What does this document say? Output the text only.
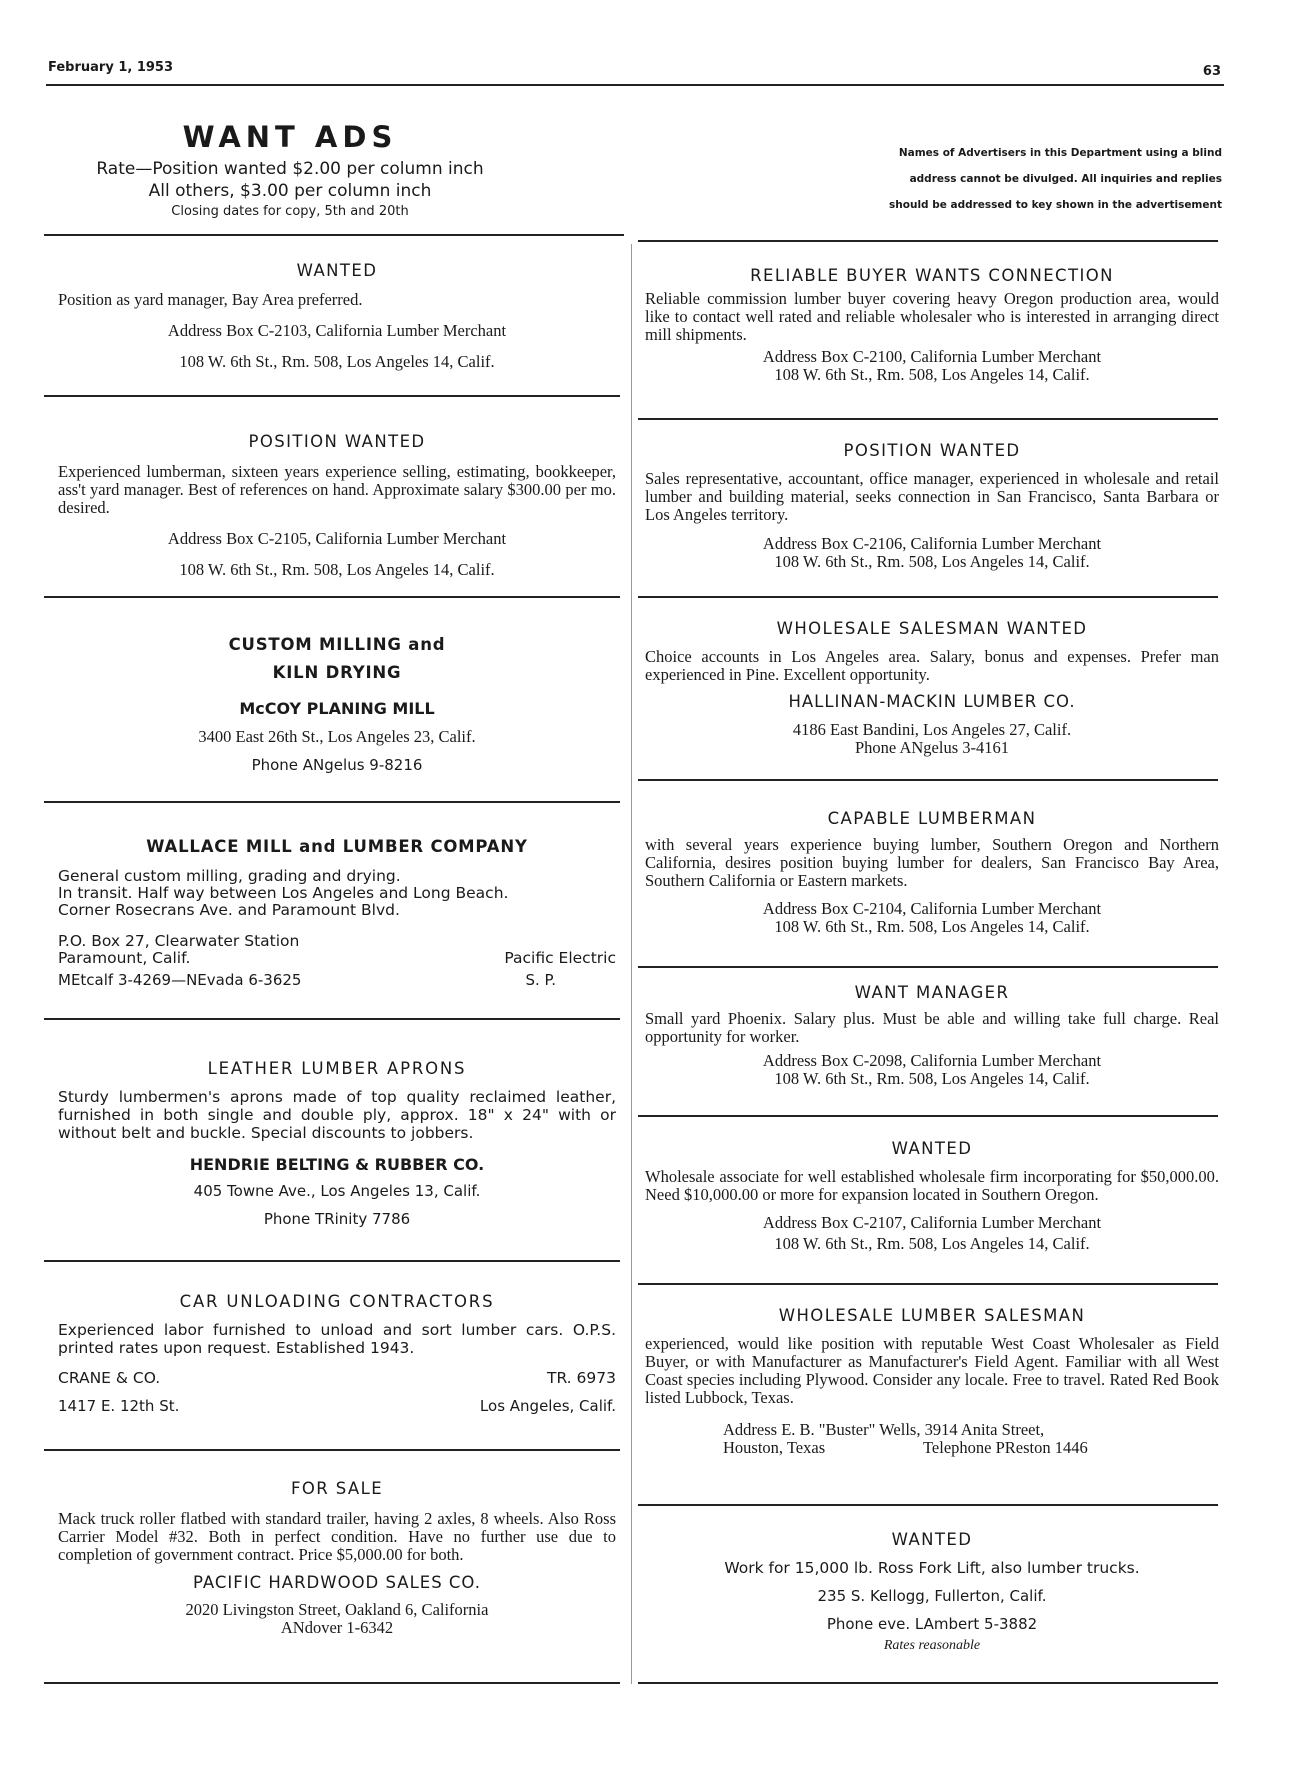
February 1, 1953	63
WANT ADS
Rate—Position wanted $2.00 per column inch
All others, $3.00 per column inch
Closing dates for copy, 5th and 20th
Names of Advertisers in this Department using a blind
address cannot be divulged. All inquiries and replies
should be addressed to key shown in the advertisement
WANTED
Position as yard manager, Bay Area preferred.
Address Box C-2103, California Lumber Merchant
108 W. 6th St., Rm. 508, Los Angeles 14, Calif.
POSITION WANTED
Experienced lumberman, sixteen years experience selling, estimating, bookkeeper, ass't yard manager. Best of references on hand. Approximate salary $300.00 per mo. desired.
Address Box C-2105, California Lumber Merchant
108 W. 6th St., Rm. 508, Los Angeles 14, Calif.
CUSTOM MILLING and
KILN DRYING
McCOY PLANING MILL
3400 East 26th St., Los Angeles 23, Calif.
Phone ANgelus 9-8216
WALLACE MILL and LUMBER COMPANY
General custom milling, grading and drying.
In transit. Half way between Los Angeles and Long Beach.
Corner Rosecrans Ave. and Paramount Blvd.
P.O. Box 27, Clearwater Station
Paramount, Calif.	Pacific Electric
MEtcalf 3-4269—NEvada 6-3625	S. P.
LEATHER LUMBER APRONS
Sturdy lumbermen's aprons made of top quality reclaimed leather, furnished in both single and double ply, approx. 18" x 24" with or without belt and buckle. Special discounts to jobbers.
HENDRIE BELTING & RUBBER CO.
405 Towne Ave., Los Angeles 13, Calif.
Phone TRinity 7786
CAR UNLOADING CONTRACTORS
Experienced labor furnished to unload and sort lumber cars. O.P.S. printed rates upon request. Established 1943.
CRANE & CO.	TR. 6973
1417 E. 12th St.	Los Angeles, Calif.
FOR SALE
Mack truck roller flatbed with standard trailer, having 2 axles, 8 wheels. Also Ross Carrier Model #32. Both in perfect condition. Have no further use due to completion of government contract. Price $5,000.00 for both.
PACIFIC HARDWOOD SALES CO.
2020 Livingston Street, Oakland 6, California
ANdover 1-6342
RELIABLE BUYER WANTS CONNECTION
Reliable commission lumber buyer covering heavy Oregon production area, would like to contact well rated and reliable wholesaler who is interested in arranging direct mill shipments.
Address Box C-2100, California Lumber Merchant
108 W. 6th St., Rm. 508, Los Angeles 14, Calif.
POSITION WANTED
Sales representative, accountant, office manager, experienced in wholesale and retail lumber and building material, seeks connection in San Francisco, Santa Barbara or Los Angeles territory.
Address Box C-2106, California Lumber Merchant
108 W. 6th St., Rm. 508, Los Angeles 14, Calif.
WHOLESALE SALESMAN WANTED
Choice accounts in Los Angeles area. Salary, bonus and expenses. Prefer man experienced in Pine. Excellent opportunity.
HALLINAN-MACKIN LUMBER CO.
4186 East Bandini, Los Angeles 27, Calif.
Phone ANgelus 3-4161
CAPABLE LUMBERMAN
with several years experience buying lumber, Southern Oregon and Northern California, desires position buying lumber for dealers, San Francisco Bay Area, Southern California or Eastern markets.
Address Box C-2104, California Lumber Merchant
108 W. 6th St., Rm. 508, Los Angeles 14, Calif.
WANT MANAGER
Small yard Phoenix. Salary plus. Must be able and willing take full charge. Real opportunity for worker.
Address Box C-2098, California Lumber Merchant
108 W. 6th St., Rm. 508, Los Angeles 14, Calif.
WANTED
Wholesale associate for well established wholesale firm incorporating for $50,000.00. Need $10,000.00 or more for expansion located in Southern Oregon.
Address Box C-2107, California Lumber Merchant
108 W. 6th St., Rm. 508, Los Angeles 14, Calif.
WHOLESALE LUMBER SALESMAN
experienced, would like position with reputable West Coast Wholesaler as Field Buyer, or with Manufacturer as Manufacturer's Field Agent. Familiar with all West Coast species including Plywood. Consider any locale. Free to travel. Rated Red Book listed Lubbock, Texas.
Address E. B. "Buster" Wells, 3914 Anita Street,
Houston, Texas	Telephone PReston 1446
WANTED
Work for 15,000 lb. Ross Fork Lift, also lumber trucks.
235 S. Kellogg, Fullerton, Calif.
Phone eve. LAmbert 5-3882
Rates reasonable
